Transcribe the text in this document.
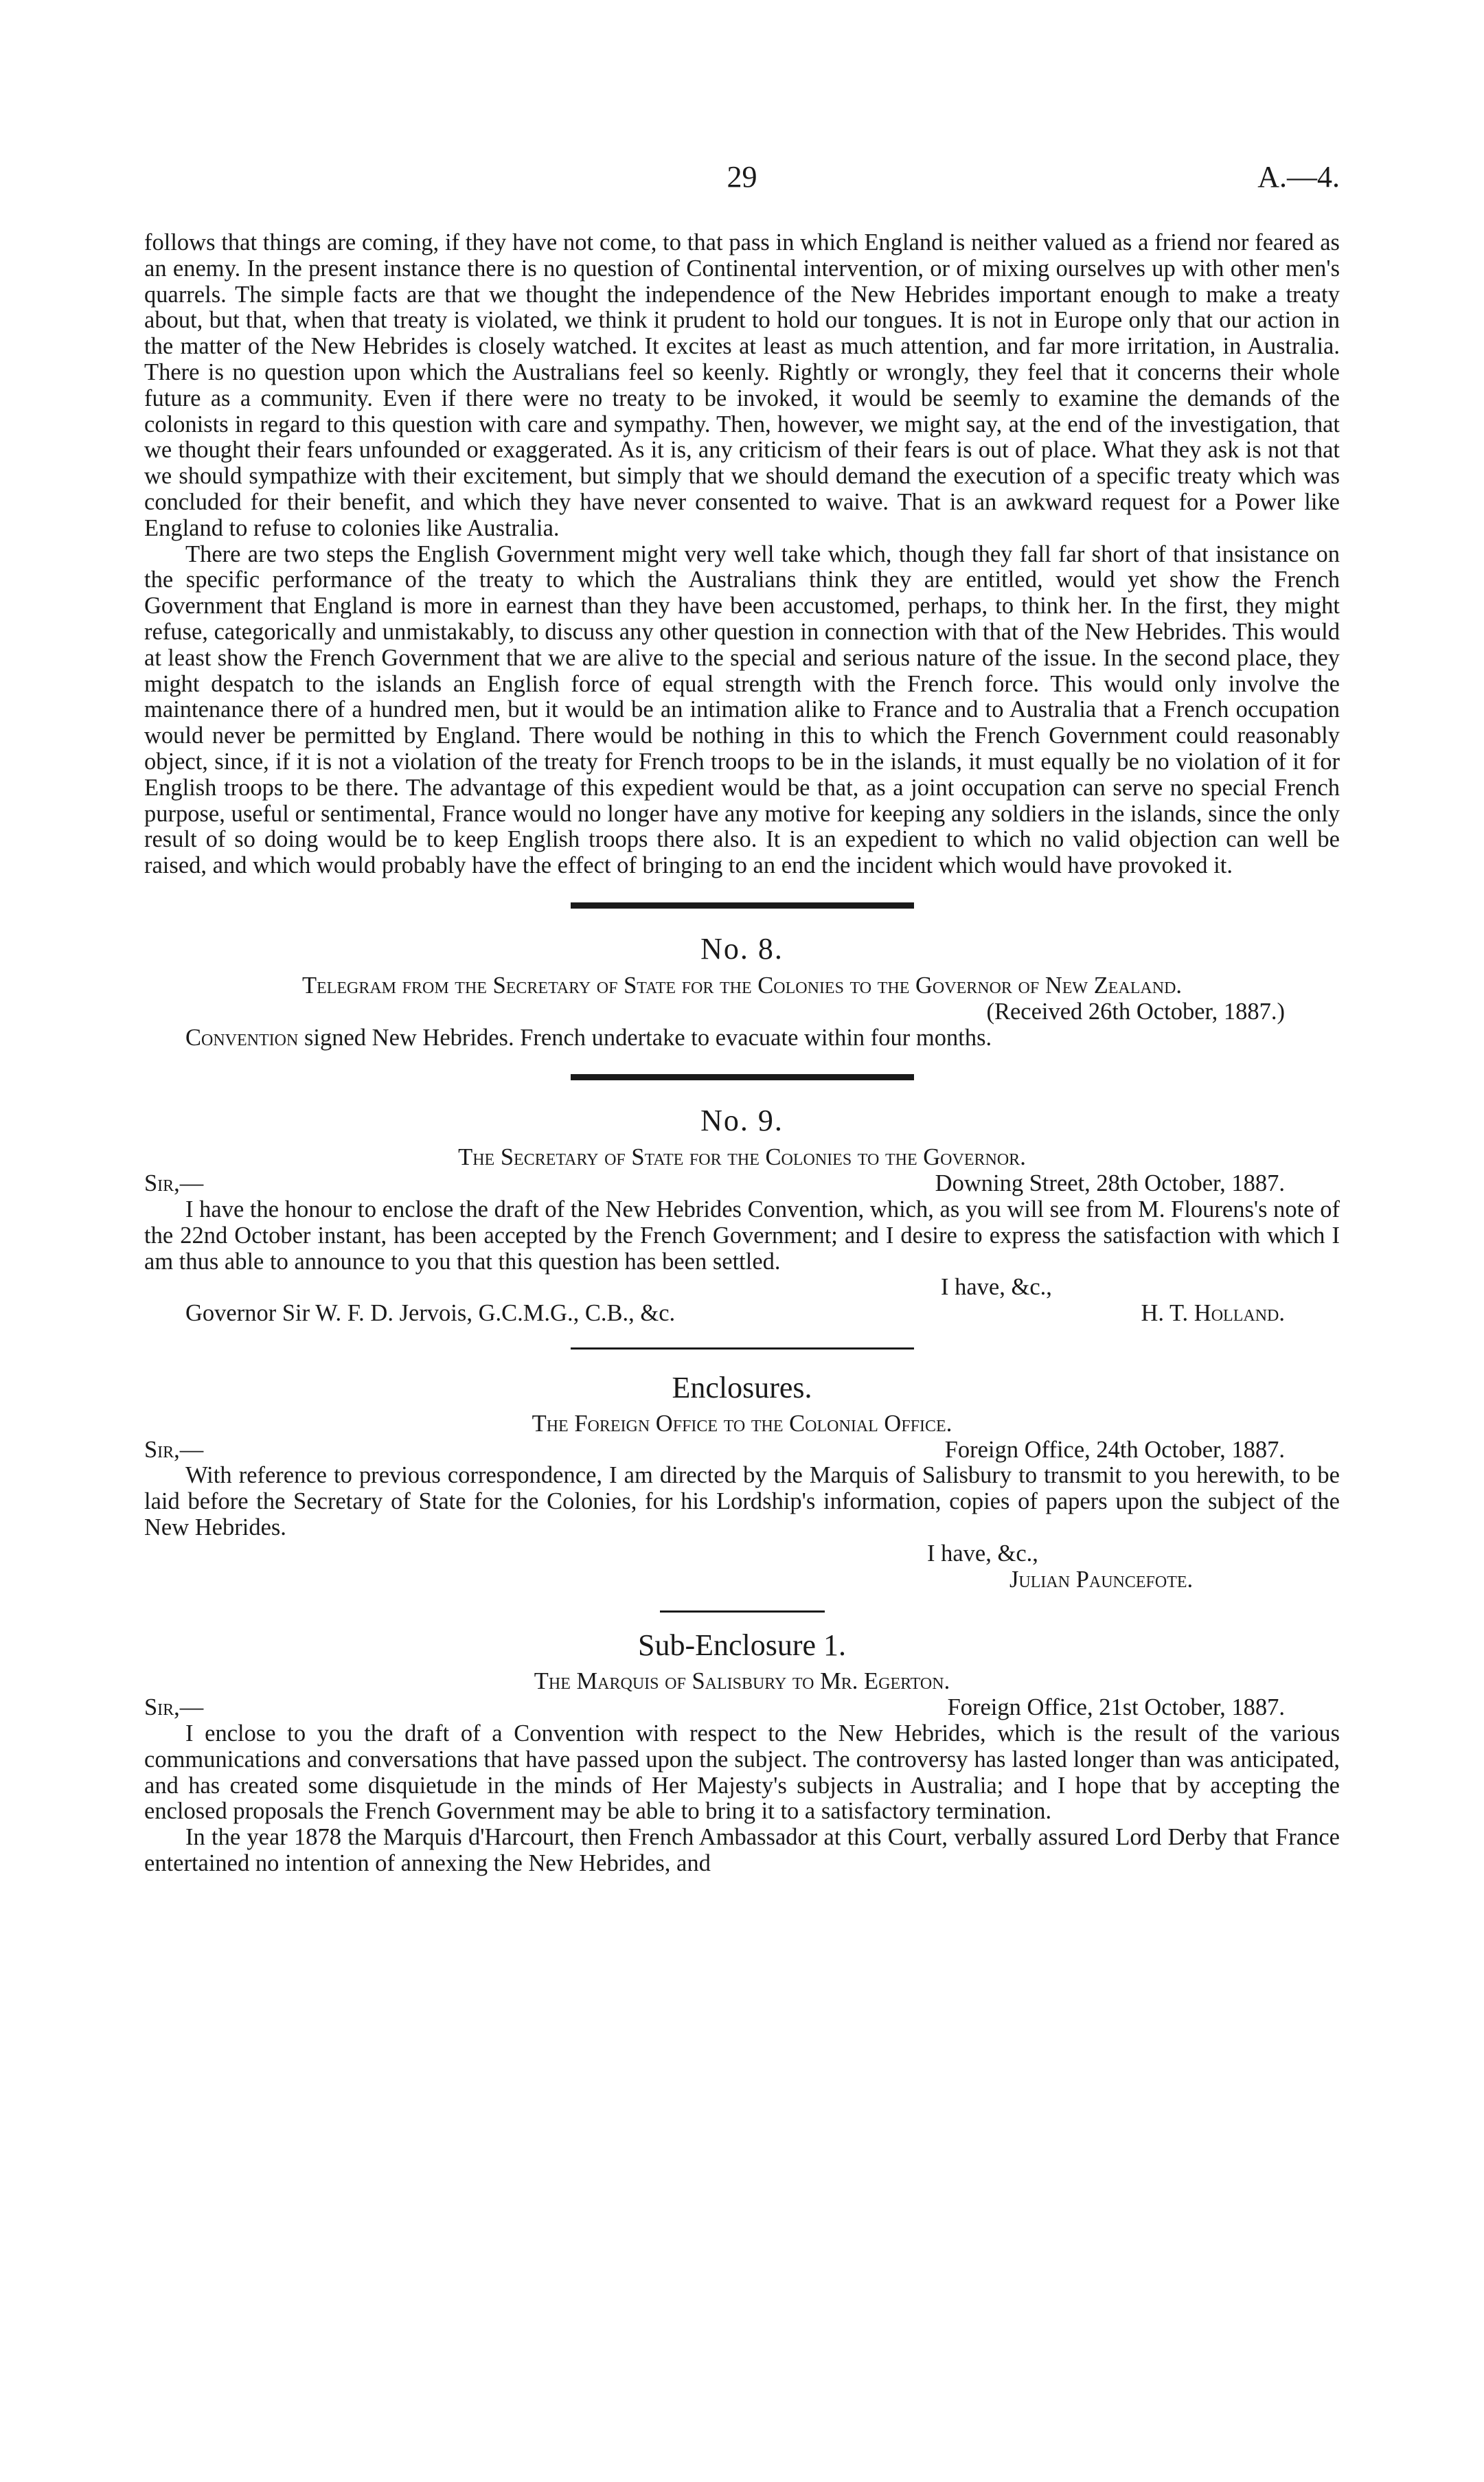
29	A.—4.

follows that things are coming, if they have not come, to that pass in which England is neither valued as a friend nor feared as an enemy. In the present instance there is no question of Continental intervention, or of mixing ourselves up with other men's quarrels. The simple facts are that we thought the independence of the New Hebrides important enough to make a treaty about, but that, when that treaty is violated, we think it prudent to hold our tongues. It is not in Europe only that our action in the matter of the New Hebrides is closely watched. It excites at least as much attention, and far more irritation, in Australia. There is no question upon which the Australians feel so keenly. Rightly or wrongly, they feel that it concerns their whole future as a community. Even if there were no treaty to be invoked, it would be seemly to examine the demands of the colonists in regard to this question with care and sympathy. Then, however, we might say, at the end of the investigation, that we thought their fears unfounded or exaggerated. As it is, any criticism of their fears is out of place. What they ask is not that we should sympathize with their excitement, but simply that we should demand the execution of a specific treaty which was concluded for their benefit, and which they have never consented to waive. That is an awkward request for a Power like England to refuse to colonies like Australia.

There are two steps the English Government might very well take which, though they fall far short of that insistance on the specific performance of the treaty to which the Australians think they are entitled, would yet show the French Government that England is more in earnest than they have been accustomed, perhaps, to think her. In the first, they might refuse, categorically and unmistakably, to discuss any other question in connection with that of the New Hebrides. This would at least show the French Government that we are alive to the special and serious nature of the issue. In the second place, they might despatch to the islands an English force of equal strength with the French force. This would only involve the maintenance there of a hundred men, but it would be an intimation alike to France and to Australia that a French occupation would never be permitted by England. There would be nothing in this to which the French Government could reasonably object, since, if it is not a violation of the treaty for French troops to be in the islands, it must equally be no violation of it for English troops to be there. The advantage of this expedient would be that, as a joint occupation can serve no special French purpose, useful or sentimental, France would no longer have any motive for keeping any soldiers in the islands, since the only result of so doing would be to keep English troops there also. It is an expedient to which no valid objection can well be raised, and which would probably have the effect of bringing to an end the incident which would have provoked it.

No. 8.

Telegram from the Secretary of State for the Colonies to the Governor of New Zealand.

(Received 26th October, 1887.)

Convention signed New Hebrides. French undertake to evacuate within four months.

No. 9.

The Secretary of State for the Colonies to the Governor.

Sir,—	Downing Street, 28th October, 1887.

I have the honour to enclose the draft of the New Hebrides Convention, which, as you will see from M. Flourens's note of the 22nd October instant, has been accepted by the French Government; and I desire to express the satisfaction with which I am thus able to announce to you that this question has been settled.

I have, &c.,

Governor Sir W. F. D. Jervois, G.C.M.G., C.B., &c.	H. T. Holland.
Enclosures.

The Foreign Office to the Colonial Office.

Sir,—	Foreign Office, 24th October, 1887.

With reference to previous correspondence, I am directed by the Marquis of Salisbury to transmit to you herewith, to be laid before the Secretary of State for the Colonies, for his Lordship's information, copies of papers upon the subject of the New Hebrides.

I have, &c.,

Julian Pauncefote.

Sub-Enclosure 1.

The Marquis of Salisbury to Mr. Egerton.

Sir,—	Foreign Office, 21st October, 1887.

I enclose to you the draft of a Convention with respect to the New Hebrides, which is the result of the various communications and conversations that have passed upon the subject. The controversy has lasted longer than was anticipated, and has created some disquietude in the minds of Her Majesty's subjects in Australia; and I hope that by accepting the enclosed proposals the French Government may be able to bring it to a satisfactory termination.

In the year 1878 the Marquis d'Harcourt, then French Ambassador at this Court, verbally assured Lord Derby that France entertained no intention of annexing the New Hebrides, and
